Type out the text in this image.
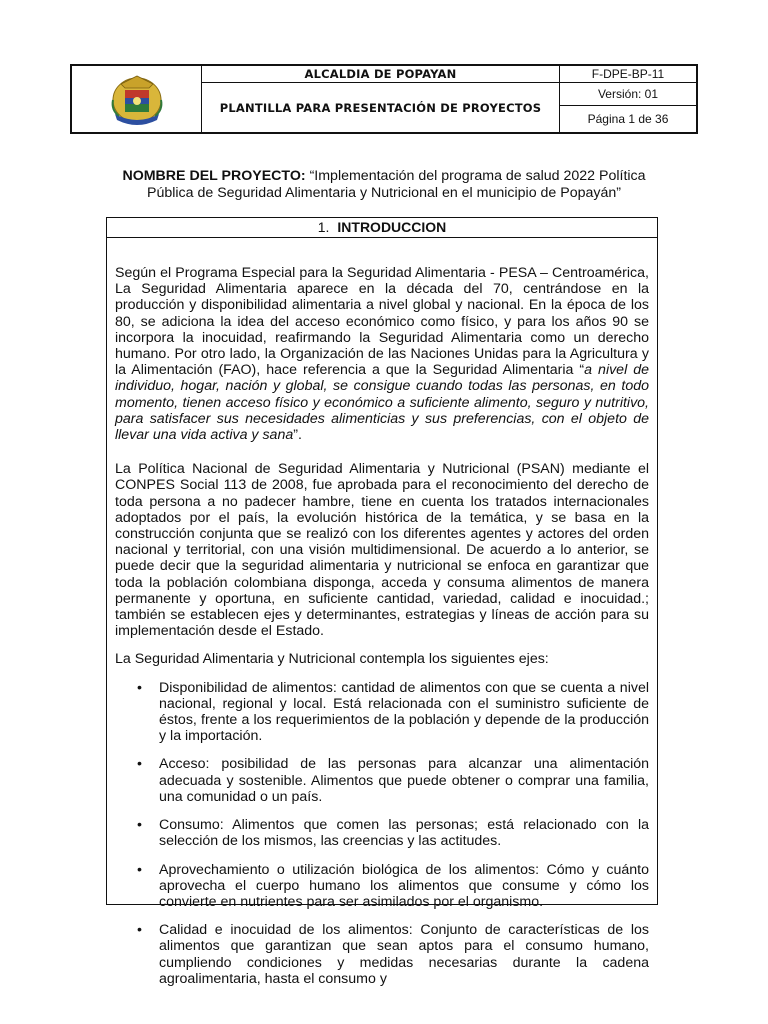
ALCALDIA DE POPAYAN
PLANTILLA PARA PRESENTACIÓN DE PROYECTOS
F-DPE-BP-11
Versión: 01
Página 1 de 36
NOMBRE DEL PROYECTO: “Implementación del programa de salud 2022 Política Pública de Seguridad Alimentaria y Nutricional en el municipio de Popayán”
1. INTRODUCCION

Según el Programa Especial para la Seguridad Alimentaria - PESA – Centroamérica, La Seguridad Alimentaria aparece en la década del 70, centrándose en la producción y disponibilidad alimentaria a nivel global y nacional. En la época de los 80, se adiciona la idea del acceso económico como físico, y para los años 90 se incorpora la inocuidad, reafirmando la Seguridad Alimentaria como un derecho humano. Por otro lado, la Organización de las Naciones Unidas para la Agricultura y la Alimentación (FAO), hace referencia a que la Seguridad Alimentaria “a nivel de individuo, hogar, nación y global, se consigue cuando todas las personas, en todo momento, tienen acceso físico y económico a suficiente alimento, seguro y nutritivo, para satisfacer sus necesidades alimenticias y sus preferencias, con el objeto de llevar una vida activa y sana”.

La Política Nacional de Seguridad Alimentaria y Nutricional (PSAN) mediante el CONPES Social 113 de 2008, fue aprobada para el reconocimiento del derecho de toda persona a no padecer hambre, tiene en cuenta los tratados internacionales adoptados por el país, la evolución histórica de la temática, y se basa en la construcción conjunta que se realizó con los diferentes agentes y actores del orden nacional y territorial, con una visión multidimensional. De acuerdo a lo anterior, se puede decir que la seguridad alimentaria y nutricional se enfoca en garantizar que toda la población colombiana disponga, acceda y consuma alimentos de manera permanente y oportuna, en suficiente cantidad, variedad, calidad e inocuidad.; también se establecen ejes y determinantes, estrategias y líneas de acción para su implementación desde el Estado.

La Seguridad Alimentaria y Nutricional contempla los siguientes ejes:

• Disponibilidad de alimentos: cantidad de alimentos con que se cuenta a nivel nacional, regional y local. Está relacionada con el suministro suficiente de éstos, frente a los requerimientos de la población y depende de la producción y la importación.
• Acceso: posibilidad de las personas para alcanzar una alimentación adecuada y sostenible. Alimentos que puede obtener o comprar una familia, una comunidad o un país.
• Consumo: Alimentos que comen las personas; está relacionado con la selección de los mismos, las creencias y las actitudes.
• Aprovechamiento o utilización biológica de los alimentos: Cómo y cuánto aprovecha el cuerpo humano los alimentos que consume y cómo los convierte en nutrientes para ser asimilados por el organismo.
• Calidad e inocuidad de los alimentos: Conjunto de características de los alimentos que garantizan que sean aptos para el consumo humano, cumpliendo condiciones y medidas necesarias durante la cadena agroalimentaria, hasta el consumo y
